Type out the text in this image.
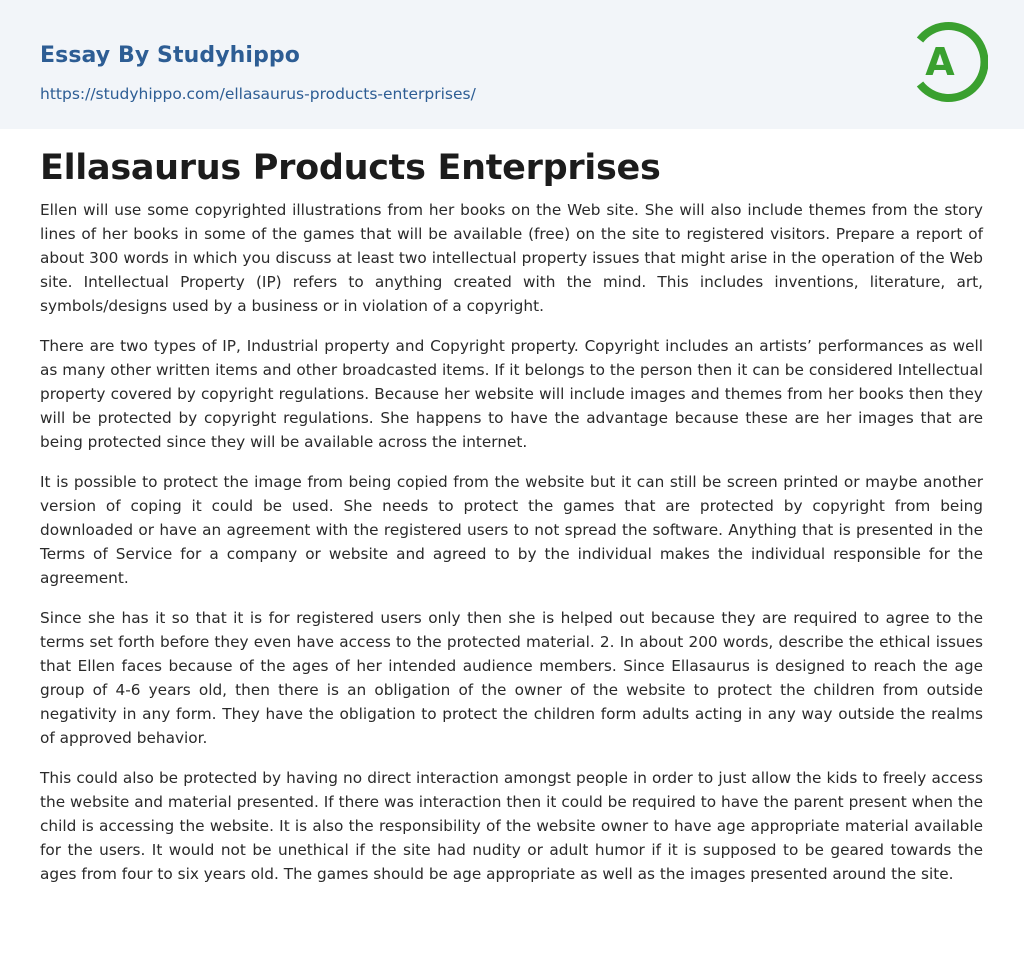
Essay By Studyhippo
https://studyhippo.com/ellasaurus-products-enterprises/
A
Ellasaurus Products Enterprises

Ellen will use some copyrighted illustrations from her books on the Web site. She will also include themes from the story lines of her books in some of the games that will be available (free) on the site to registered visitors. Prepare a report of about 300 words in which you discuss at least two intellectual property issues that might arise in the operation of the Web site. Intellectual Property (IP) refers to anything created with the mind. This includes inventions, literature, art, symbols/designs used by a business or in violation of a copyright.

There are two types of IP, Industrial property and Copyright property. Copyright includes an artists’ performances as well as many other written items and other broadcasted items. If it belongs to the person then it can be considered Intellectual property covered by copyright regulations. Because her website will include images and themes from her books then they will be protected by copyright regulations. She happens to have the advantage because these are her images that are being protected since they will be available across the internet.

It is possible to protect the image from being copied from the website but it can still be screen printed or maybe another version of coping it could be used. She needs to protect the games that are protected by copyright from being downloaded or have an agreement with the registered users to not spread the software. Anything that is presented in the Terms of Service for a company or website and agreed to by the individual makes the individual responsible for the agreement.

Since she has it so that it is for registered users only then she is helped out because they are required to agree to the terms set forth before they even have access to the protected material. 2. In about 200 words, describe the ethical issues that Ellen faces because of the ages of her intended audience members. Since Ellasaurus is designed to reach the age group of 4-6 years old, then there is an obligation of the owner of the website to protect the children from outside negativity in any form. They have the obligation to protect the children form adults acting in any way outside the realms of approved behavior.

This could also be protected by having no direct interaction amongst people in order to just allow the kids to freely access the website and material presented. If there was interaction then it could be required to have the parent present when the child is accessing the website. It is also the responsibility of the website owner to have age appropriate material available for the users. It would not be unethical if the site had nudity or adult humor if it is supposed to be geared towards the ages from four to six years old. The games should be age appropriate as well as the images presented around the site.
